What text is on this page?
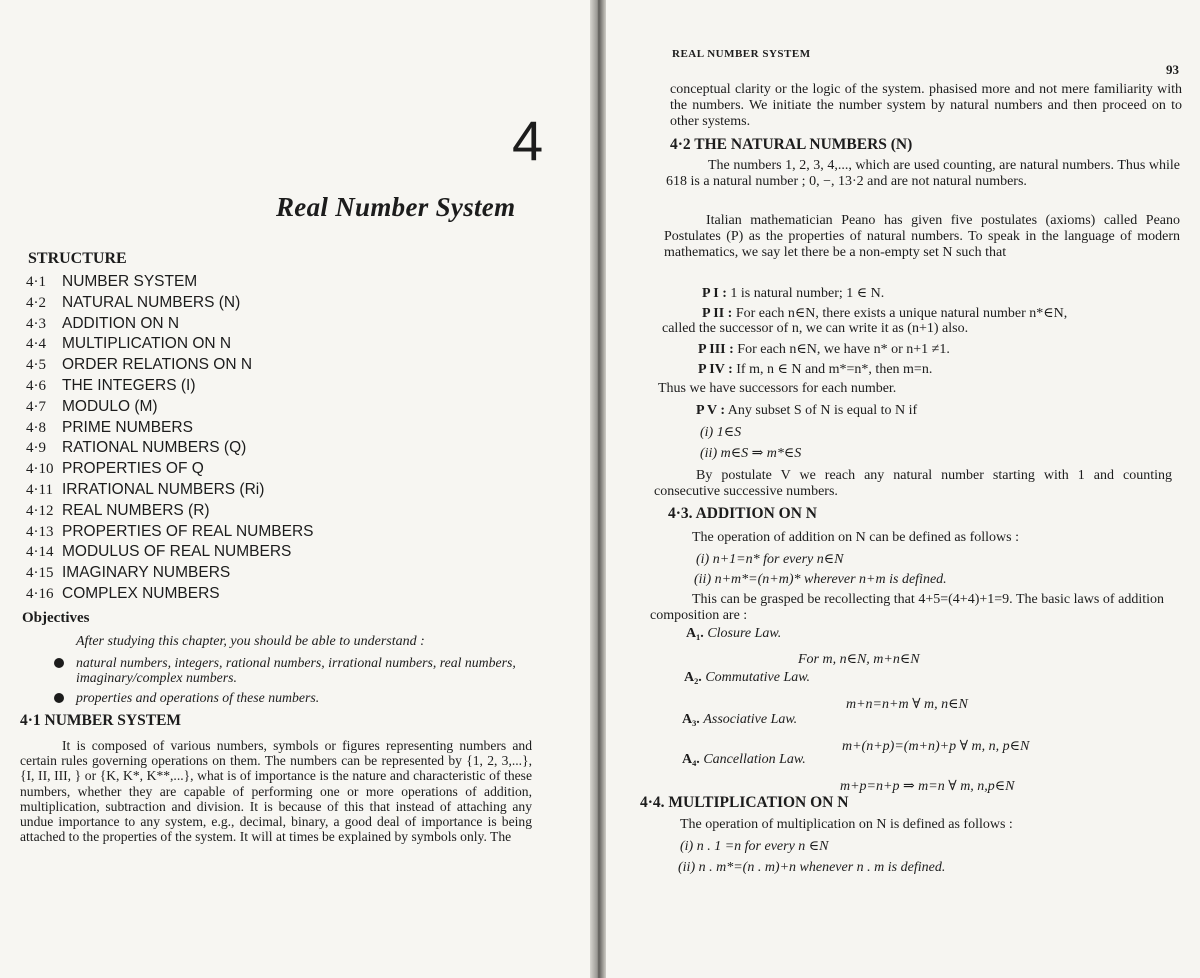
4
Real Number System
STRUCTURE
4·1 NUMBER SYSTEM
4·2 NATURAL NUMBERS (N)
4·3 ADDITION ON N
4·4 MULTIPLICATION ON N
4·5 ORDER RELATIONS ON N
4·6 THE INTEGERS (I)
4·7 MODULO (M)
4·8 PRIME NUMBERS
4·9 RATIONAL NUMBERS (Q)
4·10 PROPERTIES OF Q
4·11 IRRATIONAL NUMBERS (Ri)
4·12 REAL NUMBERS (R)
4·13 PROPERTIES OF REAL NUMBERS
4·14 MODULUS OF REAL NUMBERS
4·15 IMAGINARY NUMBERS
4·16 COMPLEX NUMBERS
Objectives
After studying this chapter, you should be able to understand :
natural numbers, integers, rational numbers, irrational numbers, real numbers, imaginary/complex numbers.
properties and operations of these numbers.
4·1 NUMBER SYSTEM
It is composed of various numbers, symbols or figures representing numbers and certain rules governing operations on them. The numbers can be represented by {1, 2, 3,...}, {I, II, III, } or {K, K*, K**,...}, what is of importance is the nature and characteristic of these numbers, whether they are capable of performing one or more operations of addition, multiplication, subtraction and division. It is because of this that instead of attaching any undue importance to any system, e.g., decimal, binary, a good deal of importance is being attached to the properties of the system. It will at times be explained by symbols only. The
REAL NUMBER SYSTEM
93
conceptual clarity or the logic of the system. phasised more and not mere familiarity with the numbers. We initiate the number system by natural numbers and then proceed on to other systems.
4·2 THE NATURAL NUMBERS (N)
The numbers 1, 2, 3, 4,..., which are used counting, are natural numbers. Thus while 618 is a natural number ; 0, −, 13·2 and are not natural numbers.
Italian mathematician Peano has given five postulates (axioms) called Peano Postulates (P) as the properties of natural numbers. To speak in the language of modern mathematics, we say let there be a non-empty set N such that
P I : 1 is natural number; 1 ∈ N.
P II : For each n∈N, there exists a unique natural number n*∈N,
called the successor of n, we can write it as (n+1) also.
P III : For each n∈N, we have n* or n+1 ≠1.
P IV : If m, n ∈ N and m*=n*, then m=n.
Thus we have successors for each number.
P V : Any subset S of N is equal to N if
(i) 1∈S
(ii) m∈S ⇒ m*∈S
By postulate V we reach any natural number starting with 1 and counting consecutive successive numbers.
4·3. ADDITION ON N
The operation of addition on N can be defined as follows :
(i) n+1=n* for every n∈N
(ii) n+m*=(n+m)* wherever n+m is defined.
This can be grasped be recollecting that 4+5=(4+4)+1=9. The basic laws of addition composition are :
A₁. Closure Law.
For m, n∈N, m+n∈N
A₂. Commutative Law.
m+n=n+m ∀ m, n∈N
A₃. Associative Law.
m+(n+p)=(m+n)+p ∀ m, n, p∈N
A₄. Cancellation Law.
m+p=n+p ⇒ m=n ∀ m, n,p∈N
4·4. MULTIPLICATION ON N
The operation of multiplication on N is defined as follows :
(i) n . 1 =n for every n ∈N
(ii) n . m*=(n . m)+n whenever n . m is defined.
